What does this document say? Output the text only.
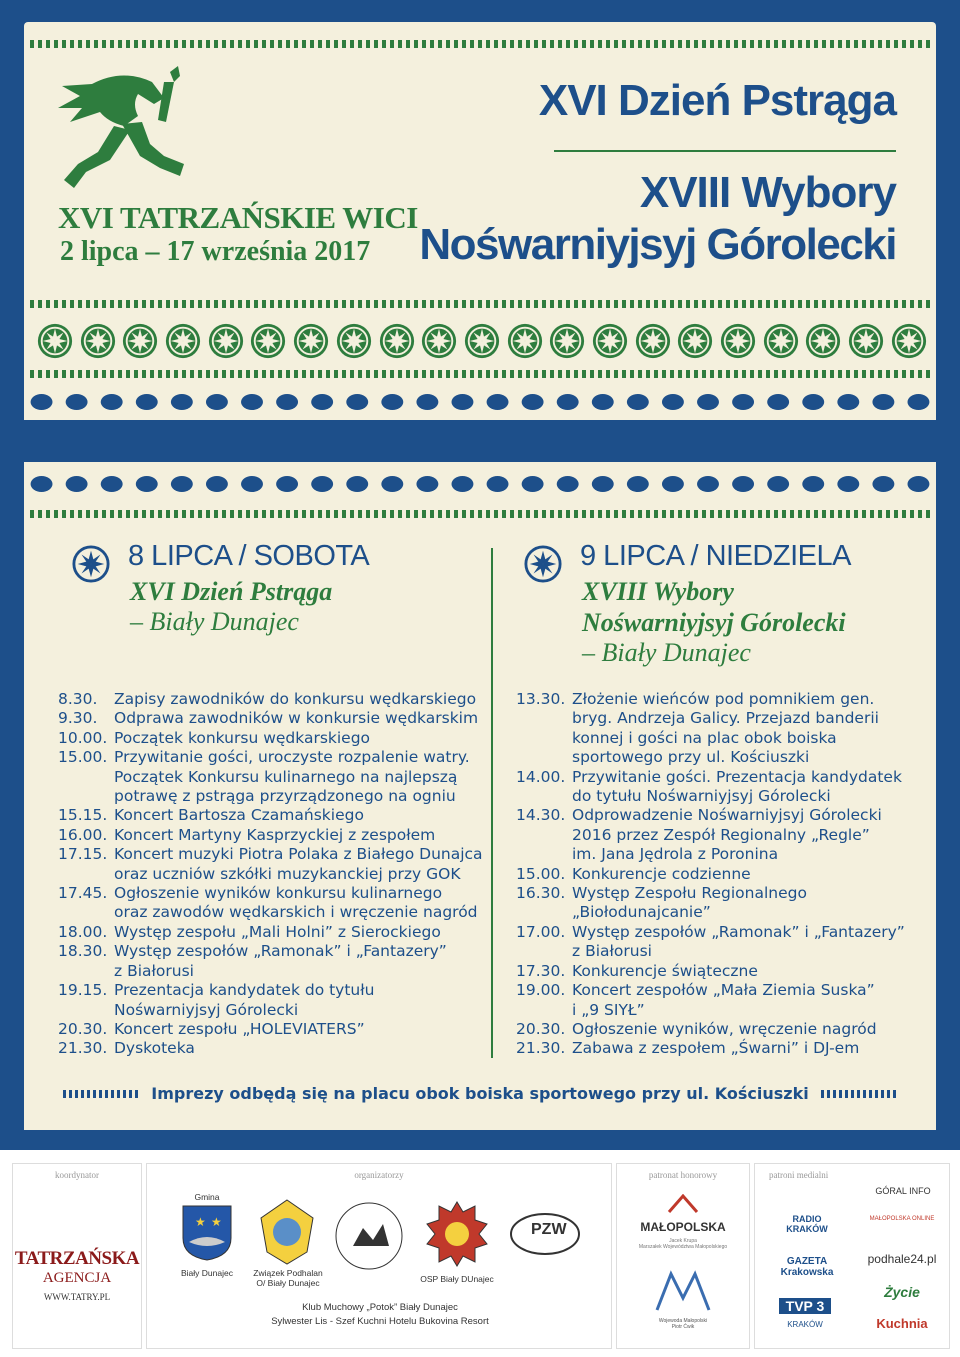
XVI TATRZAŃSKIE WICI
2 lipca – 17 września 2017
XVI Dzień Pstrąga
XVIII Wybory
Nośwarniyjsyj Górolecki
8 LIPCA / SOBOTA
XVI Dzień Pstrąga
– Biały Dunajec
8.30.	Zapisy zawodników do konkursu wędkarskiego
9.30.	Odprawa zawodników w konkursie wędkarskim
10.00. Początek konkursu wędkarskiego
15.00. Przywitanie gości, uroczyste rozpalenie watry.
Początek Konkursu kulinarnego na najlepszą
potrawę z pstrąga przyrządzonego na ogniu
15.15. Koncert Bartosza Czamańskiego
16.00. Koncert Martyny Kasprzyckiej z zespołem
17.15. Koncert muzyki Piotra Polaka z Białego Dunajca
oraz uczniów szkółki muzykanckiej przy GOK
17.45. Ogłoszenie wyników konkursu kulinarnego
oraz zawodów wędkarskich i wręczenie nagród
18.00. Występ zespołu „Mali Holni” z Sierockiego
18.30. Występ zespołów „Ramonak” i „Fantazery”
z Białorusi
19.15. Prezentacja kandydatek do tytułu
Nośwarniyjsyj Górolecki
20.30. Koncert zespołu „HOLEVIATERS”
21.30. Dyskoteka
9 LIPCA / NIEDZIELA
XVIII Wybory
Nośwarniyjsyj Górolecki
– Biały Dunajec
13.30. Złożenie wieńców pod pomnikiem gen.
bryg. Andrzeja Galicy. Przejazd banderii
konnej i gości na plac obok boiska
sportowego przy ul. Kościuszki
14.00. Przywitanie gości. Prezentacja kandydatek
do tytułu Nośwarniyjsyj Górolecki
14.30. Odprowadzenie Nośwarniyjsyj Górolecki
2016 przez Zespół Regionalny „Regle”
im. Jana Jędrola z Poronina
15.00. Konkurencje codzienne
16.30. Występ Zespołu Regionalnego
„Biołodunajcanie”
17.00. Występ zespołów „Ramonak” i „Fantazery”
z Białorusi
17.30. Konkurencje świąteczne
19.00. Koncert zespołów „Mała Ziemia Suska”
i „9 SIYŁ”
20.30. Ogłoszenie wyników, wręczenie nagród
21.30. Zabawa z zespołem „Śwarni” i DJ-em
Imprezy odbędą się na placu obok boiska sportowego przy ul. Kościuszki
koordynator
TATRZAŃSKA
AGENCJA
WWW.TATRY.PL
organizatorzy
Gmina
★ ★
Biały Dunajec	Związek Podhalan
O/ Biały Dunajec	OSP Biały DUnajec
PZW
Klub Muchowy „Potok” Biały Dunajec
Sylwester Lis - Szef Kuchni Hotelu Bukovina Resort
patronat honorowy
MAŁOPOLSKA
Jacek Krupa
Marszałek Województwa Małopolskiego
Wojewoda Małopolski
Piotr Ćwik
patroni medialni
RADIO KRAKÓW
GAZETA Krakowska
TVP 3
KRAKÓW
GÓRAL INFO
MAŁOPOLSKA ONLINE
podhale24.pl
Życie
Kuchnia
